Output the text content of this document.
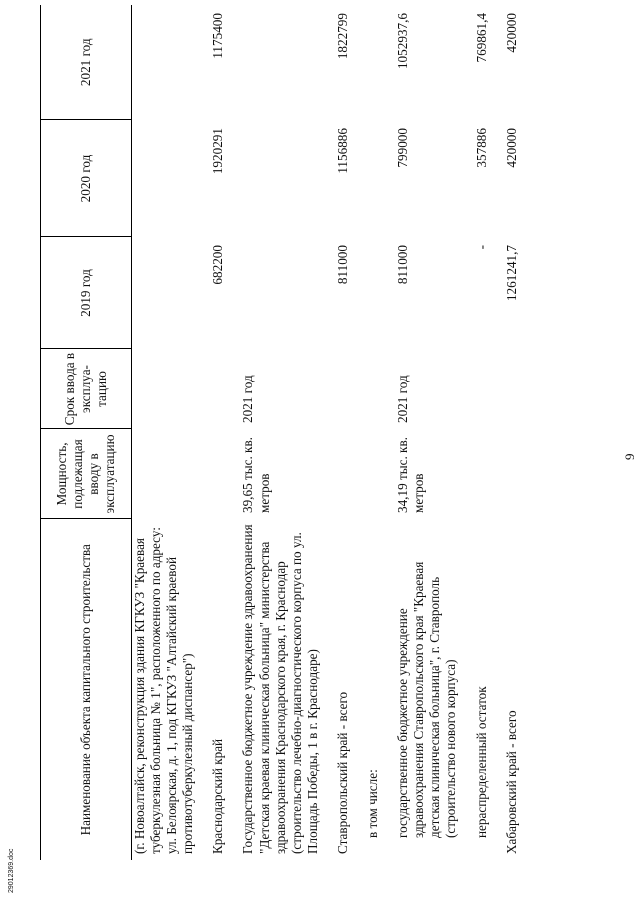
29012369.doc
9
Наименование объекта капитального строительства	Мощность, подлежащая вводу в эксплуатацию	Срок ввода в эксплуа- тацию	2019 год	2020 год	2021 год

(г. Новоалтайск, реконструкция здания КГКУЗ "Краевая туберкулезная больница № 1", расположенного по адресу: ул. Белоярская, д. 1, под КГКУЗ "Алтайский краевой противотуберкулезный диспансер")					

Краснодарский край			682200	1920291	1175400

Государственное бюджетное учреждение здравоохранения "Детская краевая клиническая больница" министерства здравоохранения Краснодарского края, г. Краснодар (строительство лечебно-диагностического корпуса по ул. Площадь Победы, 1 в г. Краснодаре)	39,65 тыс. кв. метров	2021 год			

Ставропольский край - всего			811000	1156886	1822799

в том числе:					

государственное бюджетное учреждение здравоохранения Ставропольского края "Краевая детская клиническая больница", г. Ставрополь (строительство нового корпуса)	34,19 тыс. кв. метров	2021 год	811000	799000	1052937,6

нераспределенный остаток			-	357886	769861,4

Хабаровский край - всего			1261241,7	420000	420000
